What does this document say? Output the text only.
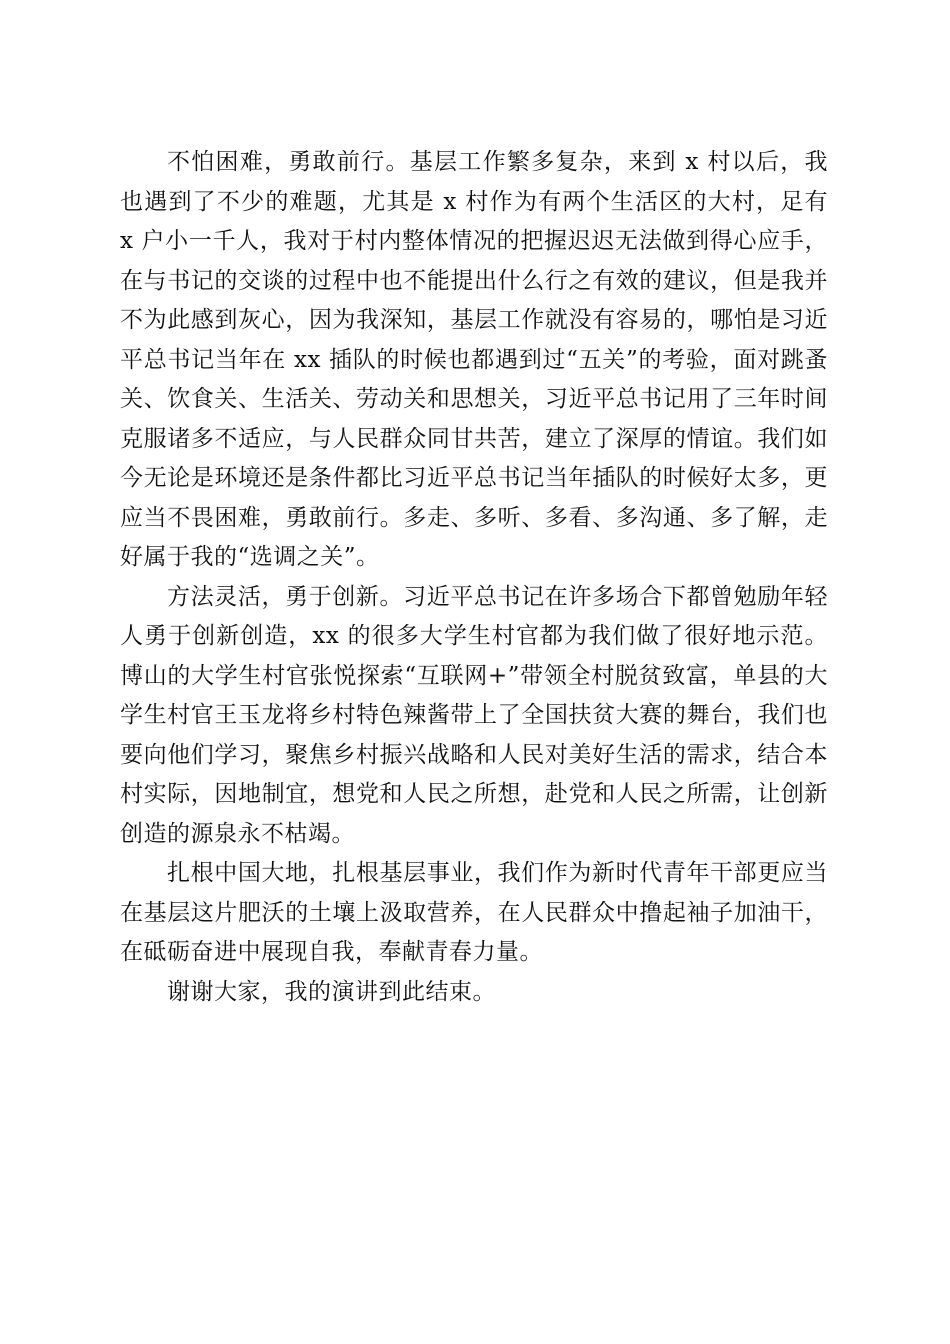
不怕困难，勇敢前行。基层工作繁多复杂，来到 x 村以后，我也遇到了不少的难题，尤其是 x 村作为有两个生活区的大村，足有 x 户小一千人，我对于村内整体情况的把握迟迟无法做到得心应手，在与书记的交谈的过程中也不能提出什么行之有效的建议，但是我并不为此感到灰心，因为我深知，基层工作就没有容易的，哪怕是习近平总书记当年在 xx 插队的时候也都遇到过“五关”的考验，面对跳蚤关、饮食关、生活关、劳动关和思想关，习近平总书记用了三年时间克服诸多不适应，与人民群众同甘共苦，建立了深厚的情谊。我们如今无论是环境还是条件都比习近平总书记当年插队的时候好太多，更应当不畏困难，勇敢前行。多走、多听、多看、多沟通、多了解，走好属于我的“选调之关”。

方法灵活，勇于创新。习近平总书记在许多场合下都曾勉励年轻人勇于创新创造，xx 的很多大学生村官都为我们做了很好地示范。博山的大学生村官张悦探索“互联网+”带领全村脱贫致富，单县的大学生村官王玉龙将乡村特色辣酱带上了全国扶贫大赛的舞台，我们也要向他们学习，聚焦乡村振兴战略和人民对美好生活的需求，结合本村实际，因地制宜，想党和人民之所想，赴党和人民之所需，让创新创造的源泉永不枯竭。

扎根中国大地，扎根基层事业，我们作为新时代青年干部更应当在基层这片肥沃的土壤上汲取营养，在人民群众中撸起袖子加油干，在砥砺奋进中展现自我，奉献青春力量。

谢谢大家，我的演讲到此结束。
